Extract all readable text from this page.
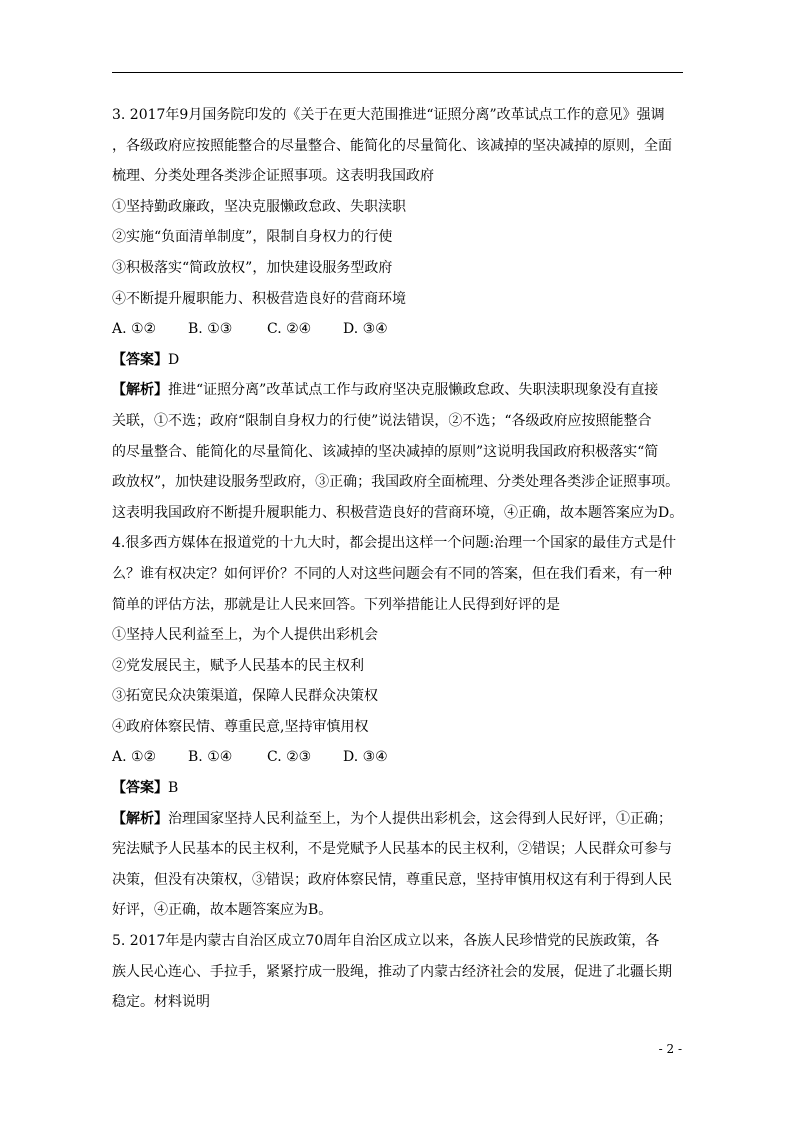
3. 2017年9月国务院印发的《关于在更大范围推进“证照分离”改革试点工作的意见》强调
，各级政府应按照能整合的尽量整合、能简化的尽量简化、该减掉的坚决减掉的原则，全面
梳理、分类处理各类涉企证照事项。这表明我国政府
①坚持勤政廉政，坚决克服懒政怠政、失职渎职
②实施“负面清单制度”，限制自身权力的行使
③积极落实“简政放权”，加快建设服务型政府
④不断提升履职能力、积极营造良好的营商环境
A. ①②	B. ①③	C. ②④	D. ③④
【答案】D
【解析】推进“证照分离”改革试点工作与政府坚决克服懒政怠政、失职渎职现象没有直接
关联，①不选；政府“限制自身权力的行使”说法错误，②不选；“各级政府应按照能整合
的尽量整合、能简化的尽量简化、该减掉的坚决减掉的原则”这说明我国政府积极落实“简
政放权”，加快建设服务型政府，③正确；我国政府全面梳理、分类处理各类涉企证照事项。
这表明我国政府不断提升履职能力、积极营造良好的营商环境，④正确，故本题答案应为D。
4.很多西方媒体在报道党的十九大时，都会提出这样一个问题:治理一个国家的最佳方式是什
么？谁有权决定？如何评价？不同的人对这些问题会有不同的答案，但在我们看来，有一种
简单的评估方法，那就是让人民来回答。下列举措能让人民得到好评的是
①坚持人民利益至上，为个人提供出彩机会
②党发展民主，赋予人民基本的民主权利
③拓宽民众决策渠道，保障人民群众决策权
④政府体察民情、尊重民意,坚持审慎用权
A. ①②	B. ①④	C. ②③	D. ③④
【答案】B
【解析】治理国家坚持人民利益至上，为个人提供出彩机会，这会得到人民好评，①正确；
宪法赋予人民基本的民主权利，不是党赋予人民基本的民主权利，②错误；人民群众可参与
决策，但没有决策权，③错误；政府体察民情，尊重民意，坚持审慎用权这有利于得到人民
好评，④正确，故本题答案应为B。
5. 2017年是内蒙古自治区成立70周年自治区成立以来，各族人民珍惜党的民族政策，各
族人民心连心、手拉手，紧紧拧成一股绳，推动了内蒙古经济社会的发展，促进了北疆长期
稳定。材料说明
- 2 -
